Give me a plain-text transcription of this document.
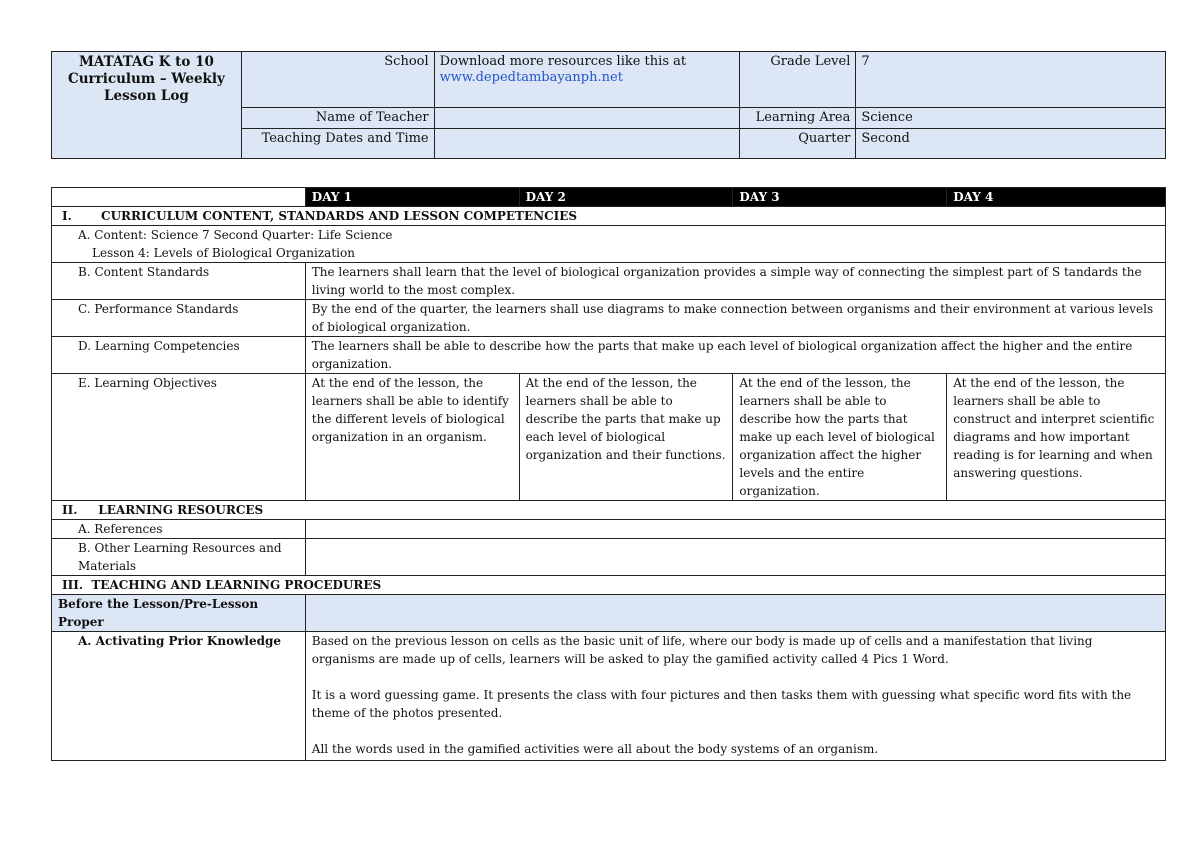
MATATAG K to 10 Curriculum – Weekly Lesson Log	School	Download more resources like this at
www.depedtambayanph.net	Grade Level	7
	Name of Teacher		Learning Area	Science
	Teaching Dates and Time		Quarter	Second
	DAY 1	DAY 2	DAY 3	DAY 4
I.       CURRICULUM CONTENT, STANDARDS AND LESSON COMPETENCIES				

A. Content: Science 7 Second Quarter: Life Science
Lesson 4: Levels of Biological Organization				

B. Content Standards	The learners shall learn that the level of biological organization provides a simple way of connecting the simplest part of S tandards the living world to the most complex.			
C. Performance Standards	By the end of the quarter, the learners shall use diagrams to make connection between organisms and their environment at various levels of biological organization.			
D. Learning Competencies	The learners shall be able to describe how the parts that make up each level of biological organization affect the higher and the entire organization.			
E. Learning Objectives	At the end of the lesson, the learners shall be able to identify the different levels of biological organization in an organism.	At the end of the lesson, the learners shall be able to describe the parts that make up each level of biological organization and their functions.	At the end of the lesson, the learners shall be able to describe how the parts that make up each level of biological organization affect the higher levels and the entire organization.	At the end of the lesson, the learners shall be able to construct and interpret scientific diagrams and how important reading is for learning and when answering questions.
II.     LEARNING RESOURCES				
A. References				
B. Other Learning Resources and Materials				
III.  TEACHING AND LEARNING PROCEDURES				
Before the Lesson/Pre-Lesson Proper				
A. Activating Prior Knowledge	Based on the previous lesson on cells as the basic unit of life, where our body is made up of cells and a manifestation that living organisms are made up of cells, learners will be asked to play the gamified activity called 4 Pics 1 Word.

It is a word guessing game. It presents the class with four pictures and then tasks them with guessing what specific word fits with the theme of the photos presented.

All the words used in the gamified activities were all about the body systems of an organism.			
